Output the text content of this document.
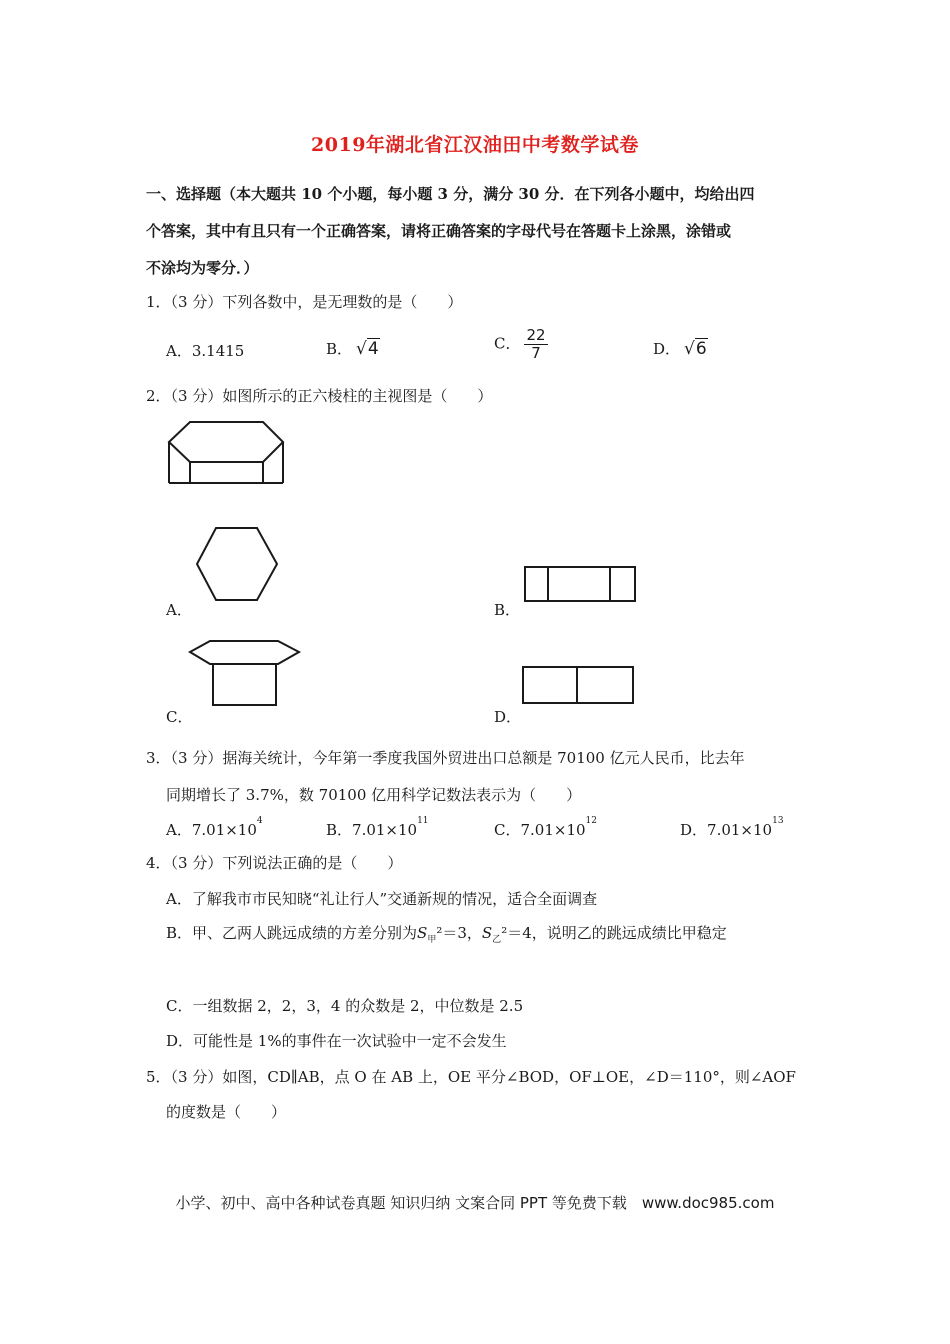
2019年湖北省江汉油田中考数学试卷
一、选择题（本大题共 10 个小题，每小题 3 分，满分 30 分．在下列各小题中，均给出四
个答案，其中有且只有一个正确答案，请将正确答案的字母代号在答题卡上涂黑，涂错或
不涂均为零分．）
1．（3 分）下列各数中，是无理数的是（　　）
A．3.1415	B． √4	C． $\frac{22}{7}$	D． √6
2．（3 分）如图所示的正六棱柱的主视图是（　　）
A．	B．
C．	D．
3．（3 分）据海关统计，今年第一季度我国外贸进出口总额是 70100 亿元人民币，比去年
同期增长了 3.7%，数 70100 亿用科学记数法表示为（　　）
A．$7.01\times 10^4$	B．$7.01\times 10^{11}$	C．$7.01\times 10^{12}$	D．$7.01\times 10^{13}$
4．（3 分）下列说法正确的是（　　）
A．了解我市市民知晓“礼让行人”交通新规的情况，适合全面调查
B．甲、乙两人跳远成绩的方差分别为$S_甲^2=3$，$S_乙^2=4$，说明乙的跳远成绩比甲稳定
C．一组数据 2，2，3，4 的众数是 2，中位数是 2.5
D．可能性是 1%的事件在一次试验中一定不会发生
5．（3 分）如图，CD∥AB，点 O 在 AB 上，OE 平分∠BOD，OF⊥OE，∠D＝110°，则∠AOF
的度数是（　　）
小学、初中、高中各种试卷真题 知识归纳 文案合同 PPT 等免费下载　www.doc985.com
